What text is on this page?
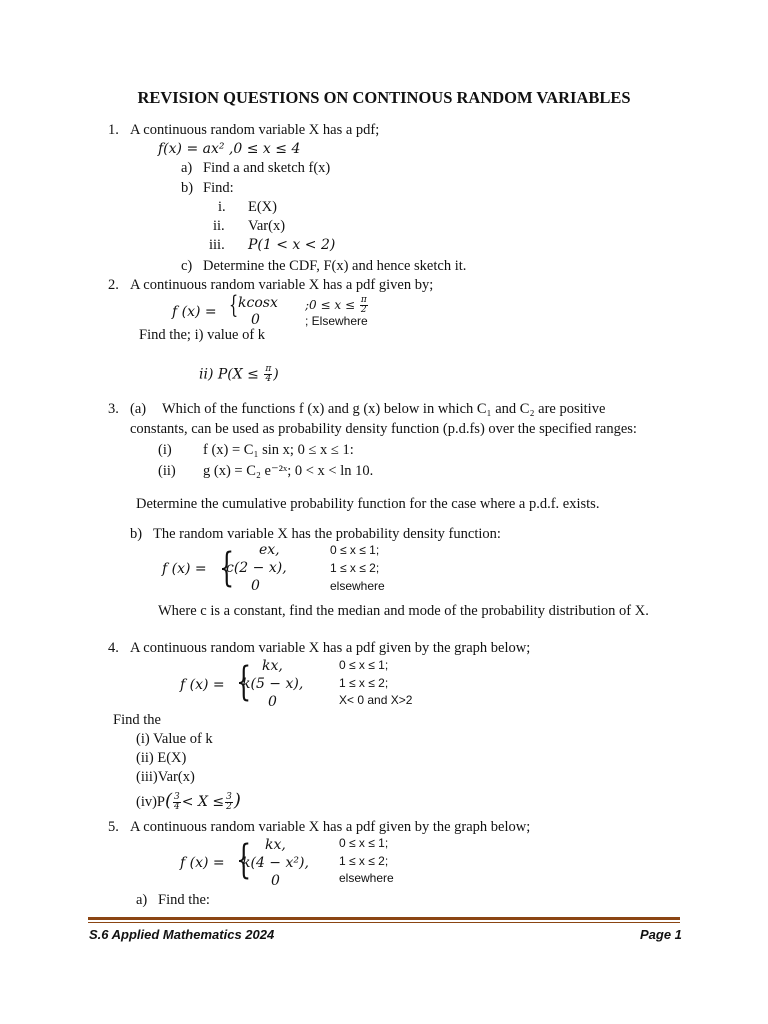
REVISION QUESTIONS ON CONTINOUS RANDOM VARIABLES
1. A continuous random variable X has a pdf;
f(x) = ax² ,0 ≤ x ≤ 4
a) Find a and sketch f(x)
b) Find:
i. E(X)
ii. Var(x)
iii. P(1 < x < 2)
c) Determine the CDF, F(x) and hence sketch it.
2. A continuous random variable X has a pdf given by;
f (x) = { kcosx ;0 ≤ $x \le \frac{\pi}{2}$
0	; Elsewhere
Find the; i) value of k
ii) $P(X \le \frac{\pi}{4}$ )
3. (a) Which of the functions f (x) and g (x) below in which C₁ and C₂ are positive
constants, can be used as probability density function (p.d.fs) over the specified ranges:
(i) f (x) = C₁ sin x; 0 ≤ x ≤ 1:
(ii) g (x) = C₂ e⁻²ˣ; 0 < x < ln 10.
Determine the cumulative probability function for the case where a p.d.f. exists.
b) The random variable X has the probability density function:
f (x) = { ex,	0 ≤ x ≤ 1;
c(2 − x),	1 ≤ x ≤ 2;
0	elsewhere
Where c is a constant, find the median and mode of the probability distribution of X.
4. A continuous random variable X has a pdf given by the graph below;
f (x) = { kx,	0 ≤ x ≤ 1;
k(5 − x),	1 ≤ x ≤ 2;
0	X< 0 and X>2
Find the
(i) Value of k
(ii) E(X)
(iii)Var(x)
$(iv)P( \frac{3}{4} < X \le \frac{3}{2}$ )
5. A continuous random variable X has a pdf given by the graph below;
f (x) = { kx,	0 ≤ x ≤ 1;
k(4 − x²),	1 ≤ x ≤ 2;
0	elsewhere
a) Find the:
S.6 Applied Mathematics 2024	Page 1
